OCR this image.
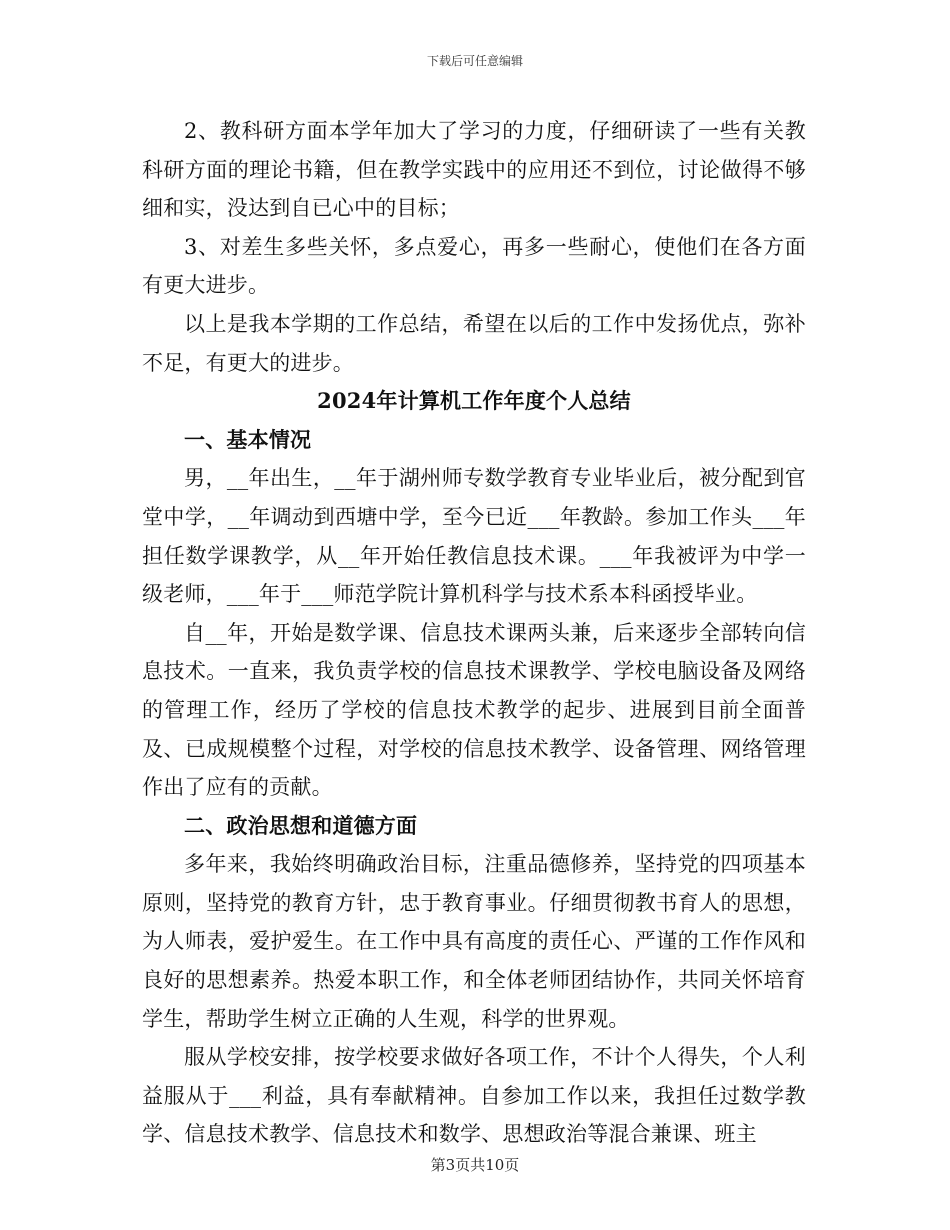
下载后可任意编辑

2、教科研方面本学年加大了学习的力度，仔细研读了一些有关教科研方面的理论书籍，但在教学实践中的应用还不到位，讨论做得不够细和实，没达到自已心中的目标；

3、对差生多些关怀，多点爱心，再多一些耐心，使他们在各方面有更大进步。

以上是我本学期的工作总结，希望在以后的工作中发扬优点，弥补不足，有更大的进步。

2024年计算机工作年度个人总结

一、基本情况

男，__年出生，__年于湖州师专数学教育专业毕业后，被分配到官堂中学，__年调动到西塘中学，至今已近___年教龄。参加工作头___年担任数学课教学，从__年开始任教信息技术课。___年我被评为中学一级老师，___年于___师范学院计算机科学与技术系本科函授毕业。

自__年，开始是数学课、信息技术课两头兼，后来逐步全部转向信息技术。一直来，我负责学校的信息技术课教学、学校电脑设备及网络的管理工作，经历了学校的信息技术教学的起步、进展到目前全面普及、已成规模整个过程，对学校的信息技术教学、设备管理、网络管理作出了应有的贡献。

二、政治思想和道德方面

多年来，我始终明确政治目标，注重品德修养，坚持党的四项基本原则，坚持党的教育方针，忠于教育事业。仔细贯彻教书育人的思想，为人师表，爱护爱生。在工作中具有高度的责任心、严谨的工作作风和良好的思想素养。热爱本职工作，和全体老师团结协作，共同关怀培育学生，帮助学生树立正确的人生观，科学的世界观。

服从学校安排，按学校要求做好各项工作，不计个人得失，个人利益服从于___利益，具有奉献精神。自参加工作以来，我担任过数学教学、信息技术教学、信息技术和数学、思想政治等混合兼课、班主

第3页共10页
